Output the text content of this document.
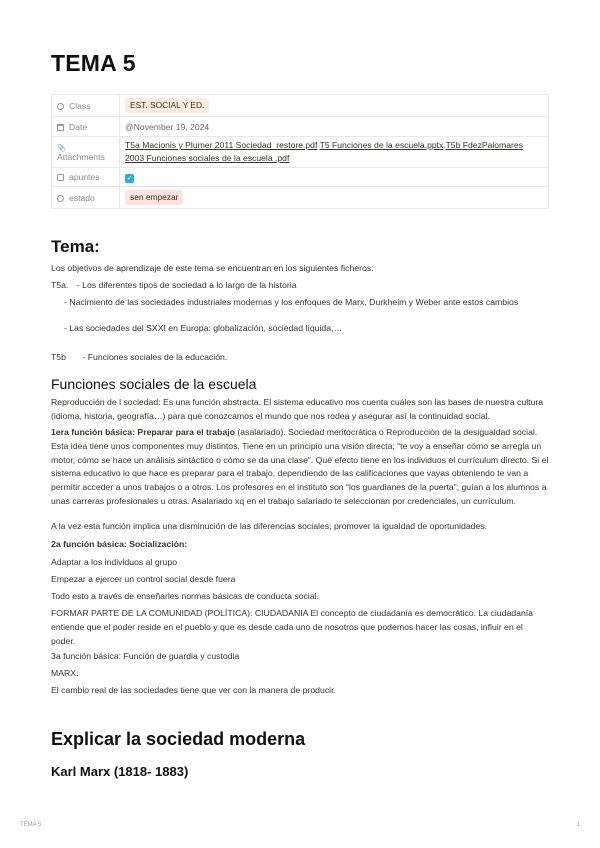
TEMA 5
Class	EST. SOCIAL Y ED.
Date	@November 19, 2024
📎
Attachments	T5a Macionis y Plumer 2011 Sociedad_restore.pdf T5 Funciones de la escuela.pptx T5b FdezPalomares 2003 Funciones sociales de la escuela .pdf
apuntes	✓
estado	sen empezar
Tema:
Los objetivos de aprendizaje de este tema se encuentran en los siguientes ficheros:
T5a. - Los diferentes tipos de sociedad a lo largo de la historia
- Nacimiento de las sociedades industriales modernas y los enfoques de Marx, Durkheim y Weber ante estos cambios
- Las sociedades del SXXI en Europa: globalización, sociedad líquida,…
T5b - Funciones sociales de la educación.
Funciones sociales de la escuela
Reproducción de l sociedad: Es una función abstracta. El sistema educativo nos cuenta cuáles son las bases de nuestra cultura (idioma, historia, geografía…) para que conozcamos el mundo que nos rodea y asegurar así la continuidad social.
1era función básica: Preparar para el trabajo (asalariado). Sociedad meritocrática o Reproducción de la desigualdad social. Esta idea tiene unos componentes muy distintos. Tiene en un principio una visión directa; “te voy a enseñar cómo se arregla un motor, cómo se hace un análisis sintáctico o cómo se da una clase”. Qué efecto tiene en los individuos el currículum directo. Si el sistema educativo lo que hace es preparar para el trabajo, dependiendo de las calificaciones que vayas obteniendo te van a permitir acceder a unos trabajos o a otros. Los profesores en el instituto son “los guardianes de la puerta”; guían a los alumnos a unas carreras profesionales u otras. Asalariado xq en el trabajo salariado te seleccionan por credenciales, un currículum.
A la vez esta función implica una disminución de las diferencias sociales; promover la igualdad de oportunidades.
2a función básica: Socialización:
Adaptar a los individuos al grupo
Empezar a ejercer un control social desde fuera
Todo esto a través de enseñarles normas básicas de conducta social.
FORMAR PARTE DE LA COMUNIDAD (POLÍTICA): CIUDADANIA El concepto de ciudadania es democrático. La ciudadanía entiende que el poder reside en el pueblo y que es desde cada uno de nosotros que podemos hacer las cosas, influir en el poder.
3a función básica: Función de guardia y custodia
MARX:
El cambio real de las sociedades tiene que ver con la manera de producir.
Explicar la sociedad moderna
Karl Marx (1818- 1883)
TEMA 5	1
